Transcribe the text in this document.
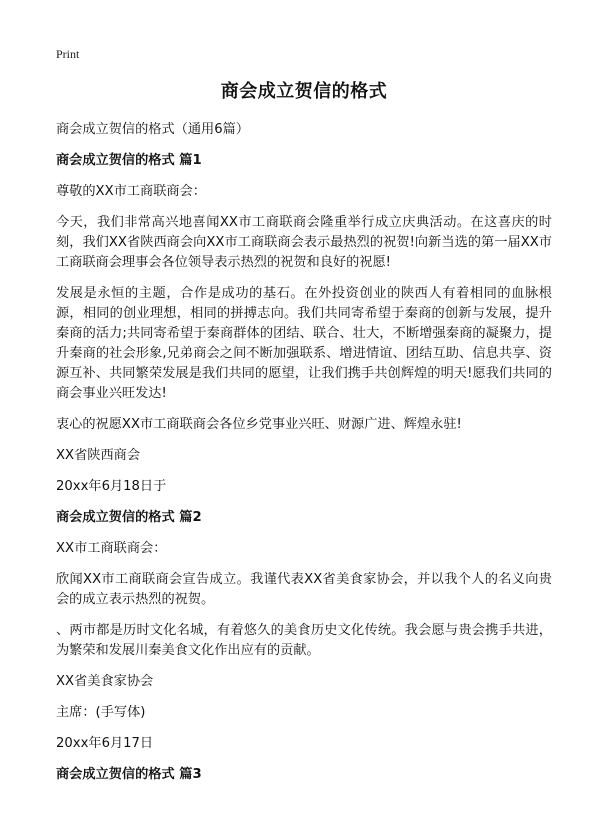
Print
商会成立贺信的格式
商会成立贺信的格式（通用6篇）
商会成立贺信的格式 篇1
尊敬的XX市工商联商会：
今天，我们非常高兴地喜闻XX市工商联商会隆重举行成立庆典活动。在这喜庆的时刻，我们XX省陕西商会向XX市工商联商会表示最热烈的祝贺!向新当选的第一届XX市工商联商会理事会各位领导表示热烈的祝贺和良好的祝愿!
发展是永恒的主题，合作是成功的基石。在外投资创业的陕西人有着相同的血脉根源，相同的创业理想，相同的拼搏志向。我们共同寄希望于秦商的创新与发展，提升秦商的活力;共同寄希望于秦商群体的团结、联合、壮大，不断增强秦商的凝聚力，提升秦商的社会形象,兄弟商会之间不断加强联系、增进情谊、团结互助、信息共享、资源互补、共同繁荣发展是我们共同的愿望，让我们携手共创辉煌的明天!愿我们共同的商会事业兴旺发达!
衷心的祝愿XX市工商联商会各位乡党事业兴旺、财源广进、辉煌永驻!
XX省陕西商会
20xx年6月18日于
商会成立贺信的格式 篇2
XX市工商联商会：
欣闻XX市工商联商会宣告成立。我谨代表XX省美食家协会，并以我个人的名义向贵会的成立表示热烈的祝贺。
、两市都是历时文化名城，有着悠久的美食历史文化传统。我会愿与贵会携手共进，为繁荣和发展川秦美食文化作出应有的贡献。
XX省美食家协会
主席：(手写体)
20xx年6月17日
商会成立贺信的格式 篇3
